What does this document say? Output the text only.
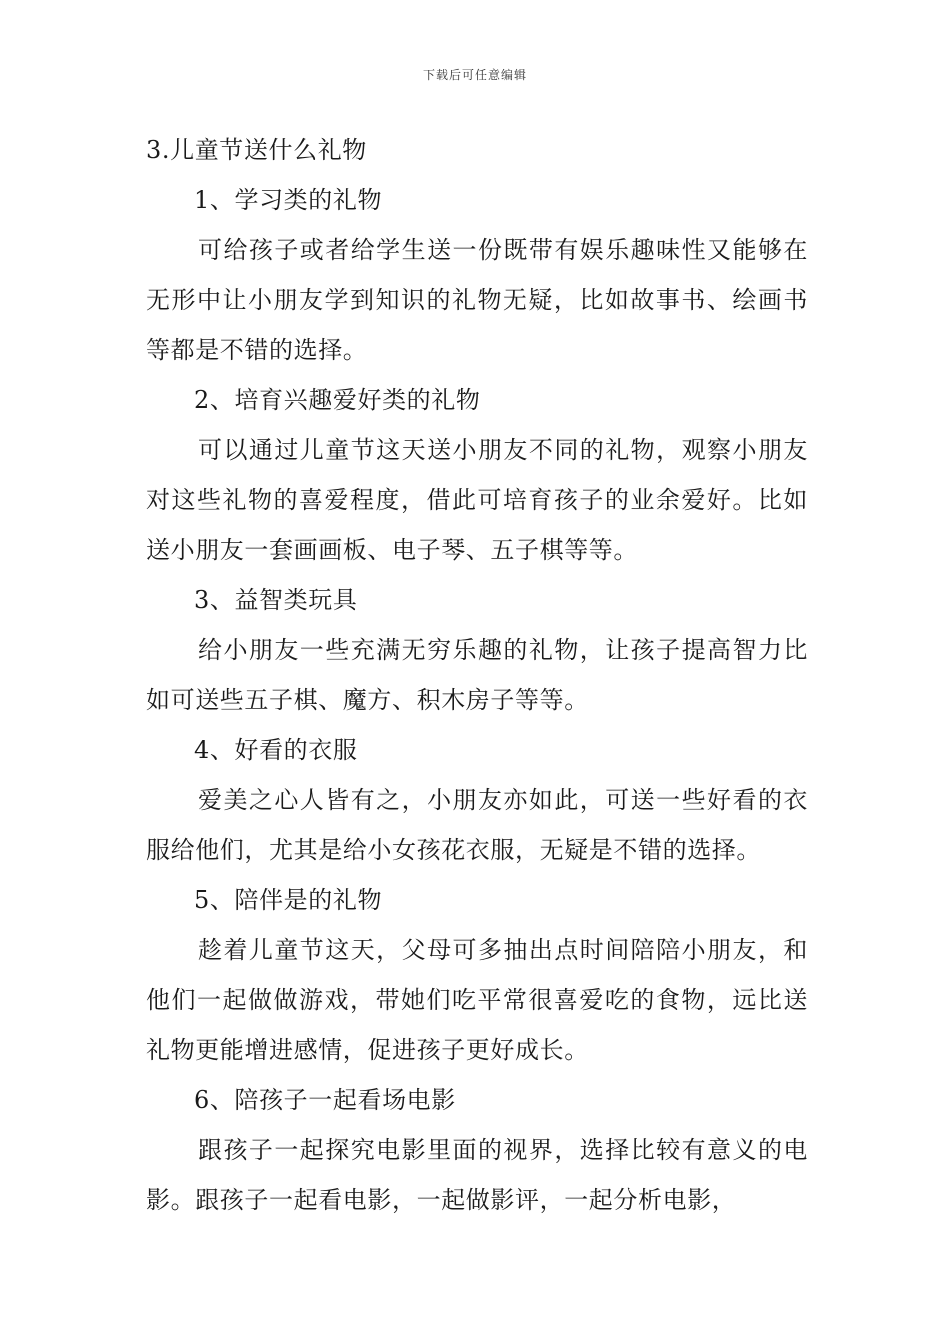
下载后可任意编辑

3.儿童节送什么礼物

1、学习类的礼物

可给孩子或者给学生送一份既带有娱乐趣味性又能够在无形中让小朋友学到知识的礼物无疑，比如故事书、绘画书等都是不错的选择。

2、培育兴趣爱好类的礼物

可以通过儿童节这天送小朋友不同的礼物，观察小朋友对这些礼物的喜爱程度，借此可培育孩子的业余爱好。比如送小朋友一套画画板、电子琴、五子棋等等。

3、益智类玩具

给小朋友一些充满无穷乐趣的礼物，让孩子提高智力比如可送些五子棋、魔方、积木房子等等。

4、好看的衣服

爱美之心人皆有之，小朋友亦如此，可送一些好看的衣服给他们，尤其是给小女孩花衣服，无疑是不错的选择。

5、陪伴是的礼物

趁着儿童节这天，父母可多抽出点时间陪陪小朋友，和他们一起做做游戏，带她们吃平常很喜爱吃的食物，远比送礼物更能增进感情，促进孩子更好成长。

6、陪孩子一起看场电影

跟孩子一起探究电影里面的视界，选择比较有意义的电影。跟孩子一起看电影，一起做影评，一起分析电影，
